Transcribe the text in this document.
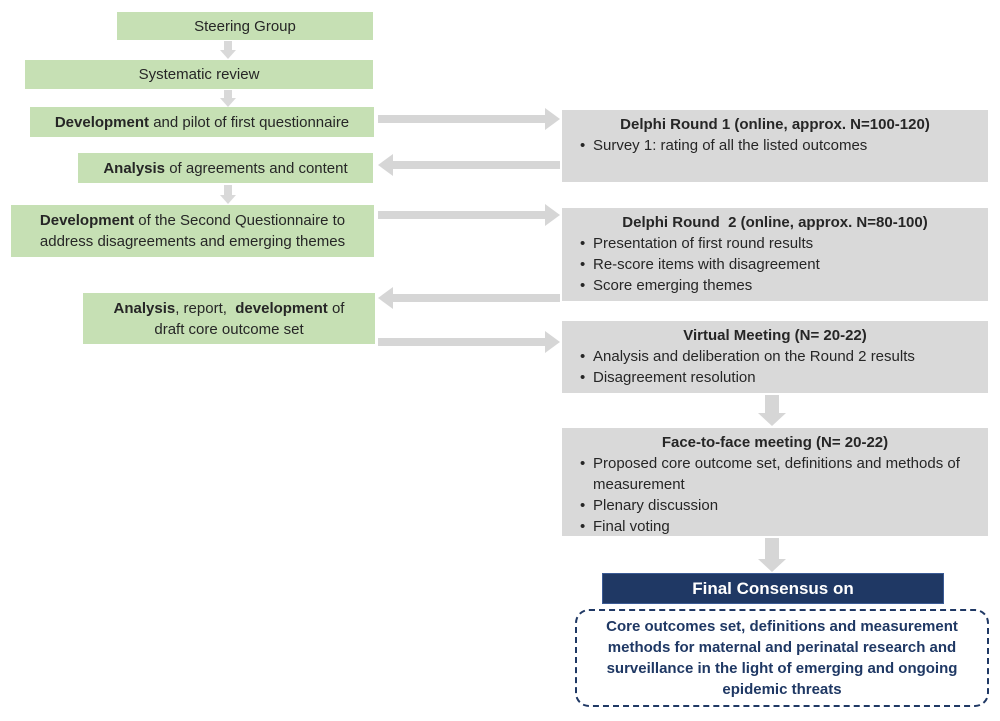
Steering Group
Systematic review
Development and pilot of first questionnaire
Analysis of agreements and content
Development of the Second Questionnaire to address disagreements and emerging themes
Analysis, report,  development of draft core outcome set
Delphi Round 1 (online, approx. N=100-120)
• Survey 1: rating of all the listed outcomes
Delphi Round  2 (online, approx. N=80-100)
• Presentation of first round results
• Re-score items with disagreement
• Score emerging themes
Virtual Meeting (N= 20-22)
• Analysis and deliberation on the Round 2 results
• Disagreement resolution
Face-to-face meeting (N= 20-22)
• Proposed core outcome set, definitions and methods of measurement
• Plenary discussion
• Final voting
Final Consensus on
Core outcomes set, definitions and measurement methods for maternal and perinatal research and surveillance in the light of emerging and ongoing epidemic threats
